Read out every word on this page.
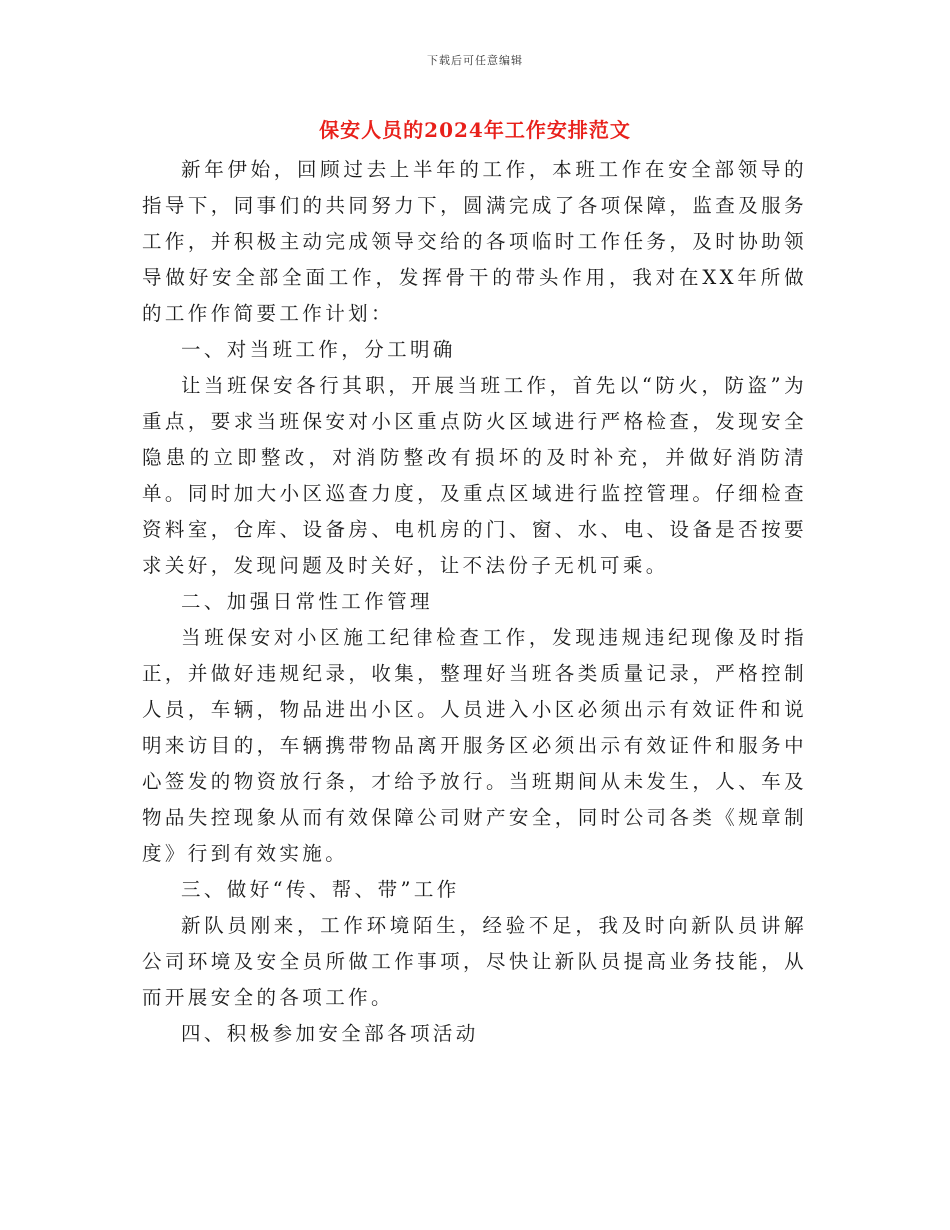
下载后可任意编辑
保安人员的2024年工作安排范文

新年伊始，回顾过去上半年的工作，本班工作在安全部领导的指导下，同事们的共同努力下，圆满完成了各项保障，监查及服务工作，并积极主动完成领导交给的各项临时工作任务，及时协助领导做好安全部全面工作，发挥骨干的带头作用，我对在XX年所做的工作作简要工作计划：

一、对当班工作，分工明确

让当班保安各行其职，开展当班工作，首先以“防火，防盗”为重点，要求当班保安对小区重点防火区域进行严格检查，发现安全隐患的立即整改，对消防整改有损坏的及时补充，并做好消防清单。同时加大小区巡查力度，及重点区域进行监控管理。仔细检查资料室，仓库、设备房、电机房的门、窗、水、电、设备是否按要求关好，发现问题及时关好，让不法份子无机可乘。

二、加强日常性工作管理

当班保安对小区施工纪律检查工作，发现违规违纪现像及时指正，并做好违规纪录，收集，整理好当班各类质量记录，严格控制人员，车辆，物品进出小区。人员进入小区必须出示有效证件和说明来访目的，车辆携带物品离开服务区必须出示有效证件和服务中心签发的物资放行条，才给予放行。当班期间从未发生，人、车及物品失控现象从而有效保障公司财产安全，同时公司各类《规章制度》行到有效实施。

三、做好“传、帮、带”工作

新队员刚来，工作环境陌生，经验不足，我及时向新队员讲解公司环境及安全员所做工作事项，尽快让新队员提高业务技能，从而开展安全的各项工作。

四、积极参加安全部各项活动
